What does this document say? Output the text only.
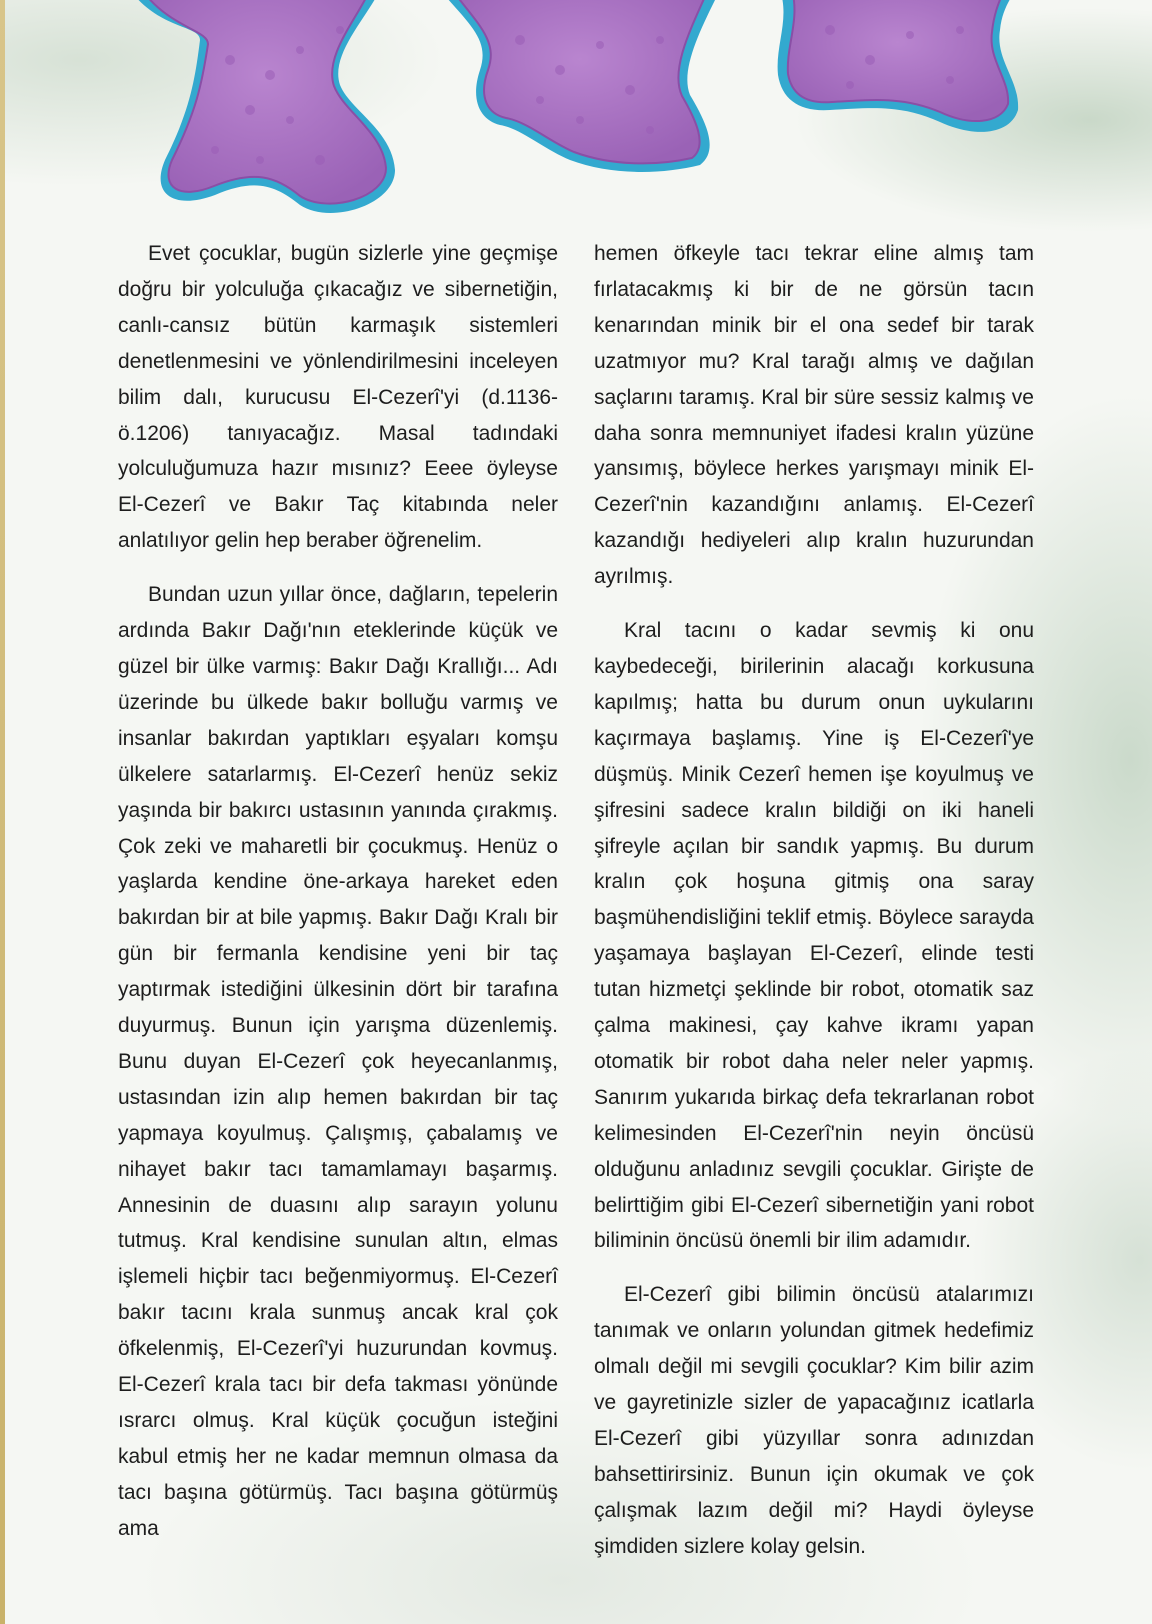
Evet çocuklar, bugün sizlerle yine geçmişe doğru bir yolculuğa çıkacağız ve sibernetiğin, canlı-cansız bütün karmaşık sistemleri denetlenmesini ve yönlendirilmesini inceleyen bilim dalı, kurucusu El-Cezerî'yi (d.1136-ö.1206) tanıyacağız. Masal tadındaki yolculuğumuza hazır mısınız? Eeee öyleyse El-Cezerî ve Bakır Taç kitabında neler anlatılıyor gelin hep beraber öğrenelim.

Bundan uzun yıllar önce, dağların, tepelerin ardında Bakır Dağı'nın eteklerinde küçük ve güzel bir ülke varmış: Bakır Dağı Krallığı... Adı üzerinde bu ülkede bakır bolluğu varmış ve insanlar bakırdan yaptıkları eşyaları komşu ülkelere satarlarmış. El-Cezerî henüz sekiz yaşında bir bakırcı ustasının yanında çırakmış. Çok zeki ve maharetli bir çocukmuş. Henüz o yaşlarda kendine öne-arkaya hareket eden bakırdan bir at bile yapmış. Bakır Dağı Kralı bir gün bir fermanla kendisine yeni bir taç yaptırmak istediğini ülkesinin dört bir tarafına duyurmuş. Bunun için yarışma düzenlemiş. Bunu duyan El-Cezerî çok heyecanlanmış, ustasından izin alıp hemen bakırdan bir taç yapmaya koyulmuş. Çalışmış, çabalamış ve nihayet bakır tacı tamamlamayı başarmış. Annesinin de duasını alıp sarayın yolunu tutmuş. Kral kendisine sunulan altın, elmas işlemeli hiçbir tacı beğenmiyormuş. El-Cezerî bakır tacını krala sunmuş ancak kral çok öfkelenmiş, El-Cezerî'yi huzurundan kovmuş. El-Cezerî krala tacı bir defa takması yönünde ısrarcı olmuş. Kral küçük çocuğun isteğini kabul etmiş her ne kadar memnun olmasa da tacı başına götürmüş. Tacı başına götürmüş ama

hemen öfkeyle tacı tekrar eline almış tam fırlatacakmış ki bir de ne görsün tacın kenarından minik bir el ona sedef bir tarak uzatmıyor mu? Kral tarağı almış ve dağılan saçlarını taramış. Kral bir süre sessiz kalmış ve daha sonra memnuniyet ifadesi kralın yüzüne yansımış, böylece herkes yarışmayı minik El-Cezerî'nin kazandığını anlamış. El-Cezerî kazandığı hediyeleri alıp kralın huzurundan ayrılmış.

Kral tacını o kadar sevmiş ki onu kaybedeceği, birilerinin alacağı korkusuna kapılmış; hatta bu durum onun uykularını kaçırmaya başlamış. Yine iş El-Cezerî'ye düşmüş. Minik Cezerî hemen işe koyulmuş ve şifresini sadece kralın bildiği on iki haneli şifreyle açılan bir sandık yapmış. Bu durum kralın çok hoşuna gitmiş ona saray başmühendisliğini teklif etmiş. Böylece sarayda yaşamaya başlayan El-Cezerî, elinde testi tutan hizmetçi şeklinde bir robot, otomatik saz çalma makinesi, çay kahve ikramı yapan otomatik bir robot daha neler neler yapmış. Sanırım yukarıda birkaç defa tekrarlanan robot kelimesinden El-Cezerî'nin neyin öncüsü olduğunu anladınız sevgili çocuklar. Girişte de belirttiğim gibi El-Cezerî sibernetiğin yani robot biliminin öncüsü önemli bir ilim adamıdır.

El-Cezerî gibi bilimin öncüsü atalarımızı tanımak ve onların yolundan gitmek hedefimiz olmalı değil mi sevgili çocuklar? Kim bilir azim ve gayretinizle sizler de yapacağınız icatlarla El-Cezerî gibi yüzyıllar sonra adınızdan bahsettirirsiniz. Bunun için okumak ve çok çalışmak lazım değil mi? Haydi öyleyse şimdiden sizlere kolay gelsin.
